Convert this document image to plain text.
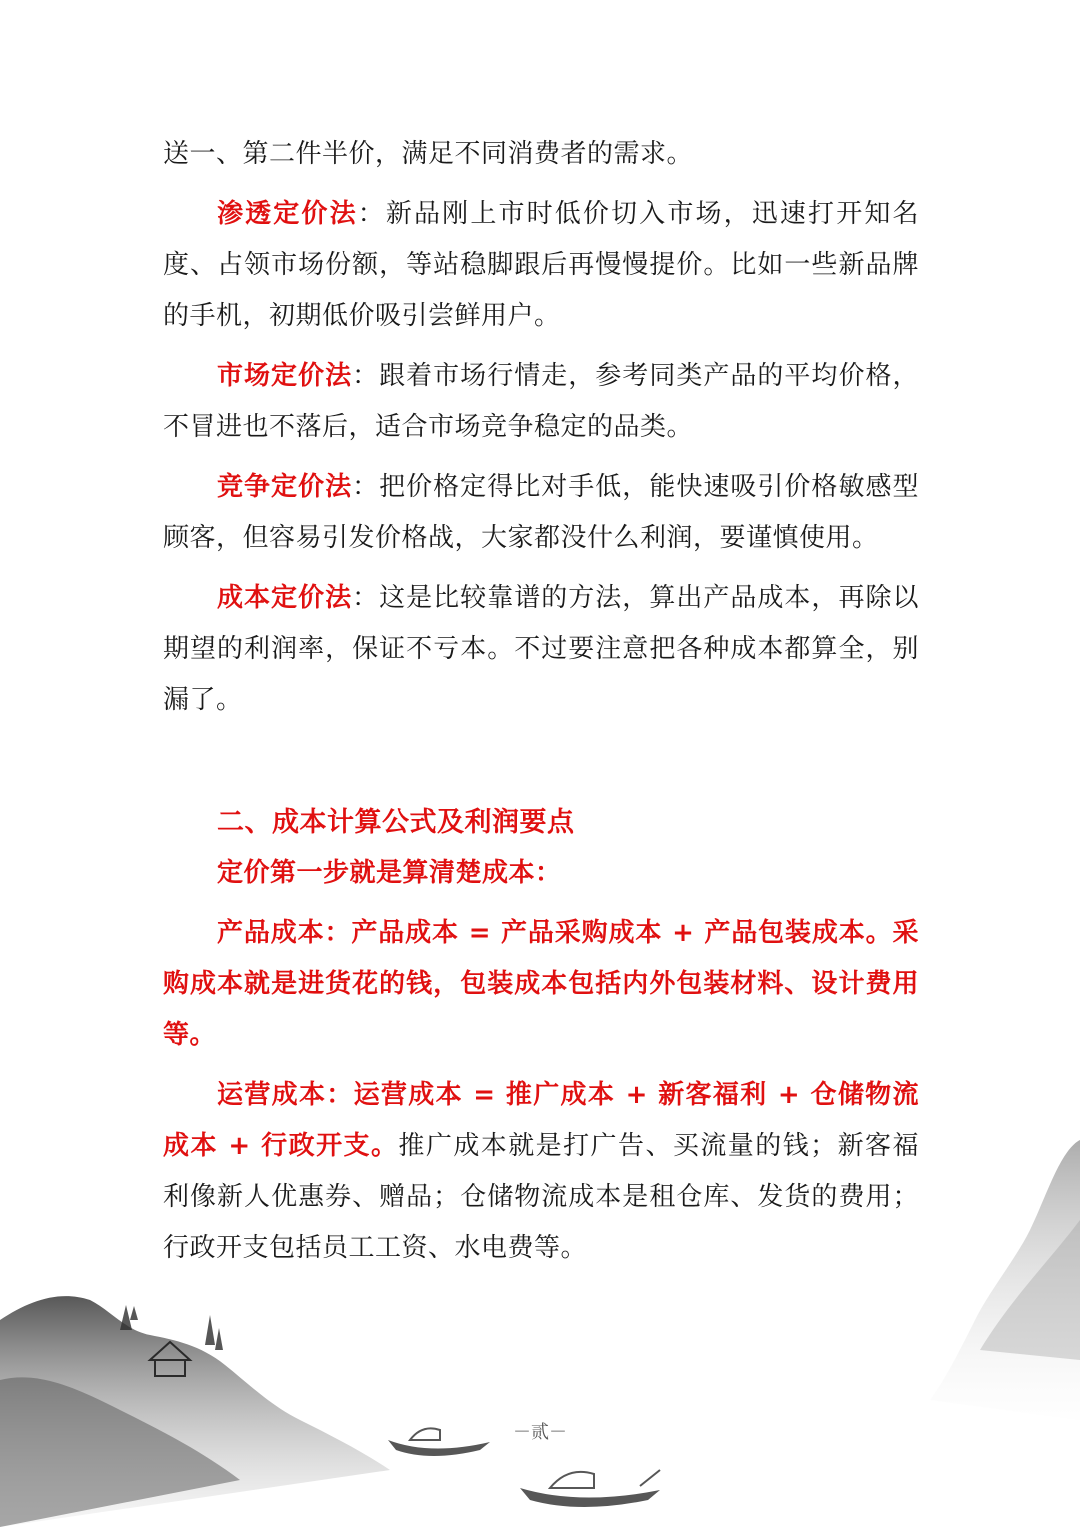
送一、第二件半价，满足不同消费者的需求。

渗透定价法：新品刚上市时低价切入市场，迅速打开知名度、占领市场份额，等站稳脚跟后再慢慢提价。比如一些新品牌的手机，初期低价吸引尝鲜用户。

市场定价法：跟着市场行情走，参考同类产品的平均价格，不冒进也不落后，适合市场竞争稳定的品类。

竞争定价法：把价格定得比对手低，能快速吸引价格敏感型顾客，但容易引发价格战，大家都没什么利润，要谨慎使用。

成本定价法：这是比较靠谱的方法，算出产品成本，再除以期望的利润率，保证不亏本。不过要注意把各种成本都算全，别漏了。

二、成本计算公式及利润要点

定价第一步就是算清楚成本：

产品成本：产品成本 = 产品采购成本 + 产品包装成本。采购成本就是进货花的钱，包装成本包括内外包装材料、设计费用等。

运营成本：运营成本 = 推广成本 + 新客福利 + 仓储物流成本 + 行政开支。推广成本就是打广告、买流量的钱；新客福利像新人优惠券、赠品；仓储物流成本是租仓库、发货的费用；行政开支包括员工工资、水电费等。

－贰－
